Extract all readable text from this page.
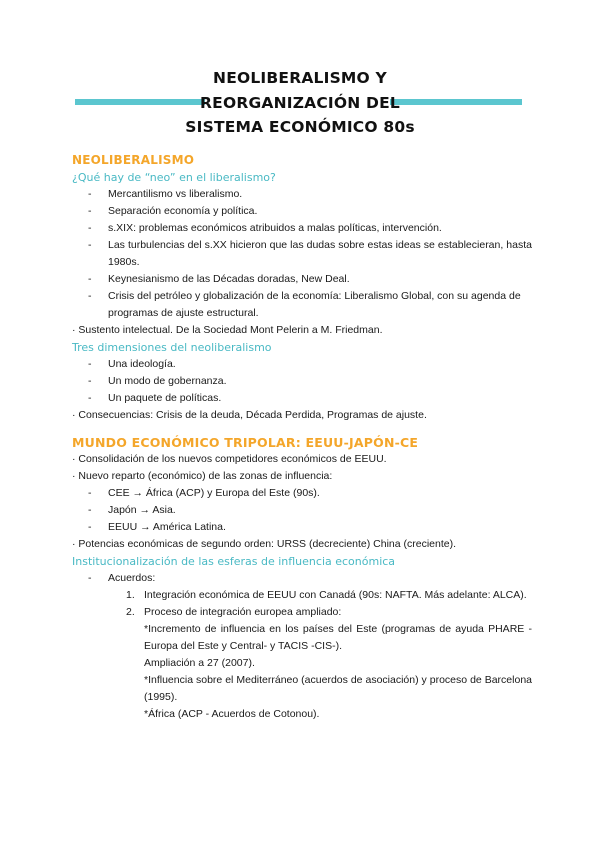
NEOLIBERALISMO Y
REORGANIZACIÓN DEL
SISTEMA ECONÓMICO 80s
NEOLIBERALISMO
¿Qué hay de “neo” en el liberalismo?
- Mercantilismo vs liberalismo.
- Separación economía y política.
- s.XIX: problemas económicos atribuidos a malas políticas, intervención.
- Las turbulencias del s.XX hicieron que las dudas sobre estas ideas se establecieran, hasta 1980s.
- Keynesianismo de las Décadas doradas, New Deal.
- Crisis del petróleo y globalización de la economía: Liberalismo Global, con su agenda de programas de ajuste estructural.

· Sustento intelectual. De la Sociedad Mont Pelerin a M. Friedman.

Tres dimensiones del neoliberalismo
- Una ideología.
- Un modo de gobernanza.
- Un paquete de políticas.

· Consecuencias: Crisis de la deuda, Década Perdida, Programas de ajuste.

MUNDO ECONÓMICO TRIPOLAR: EEUU-JAPÓN-CE

· Consolidación de los nuevos competidores económicos de EEUU.

· Nuevo reparto (económico) de las zonas de influencia:

- CEE → África (ACP) y Europa del Este (90s).
- Japón → Asia.
- EEUU → América Latina.

· Potencias económicas de segundo orden: URSS (decreciente) China (creciente).

Institucionalización de las esferas de influencia económica
- Acuerdos:
1. Integración económica de EEUU con Canadá (90s: NAFTA. Más adelante: ALCA).
2. Proceso de integración europea ampliado:

*Incremento de influencia en los países del Este (programas de ayuda PHARE - Europa del Este y Central- y TACIS -CIS-).

Ampliación a 27 (2007).

*Influencia sobre el Mediterráneo (acuerdos de asociación) y proceso de Barcelona (1995).

*África (ACP - Acuerdos de Cotonou).
